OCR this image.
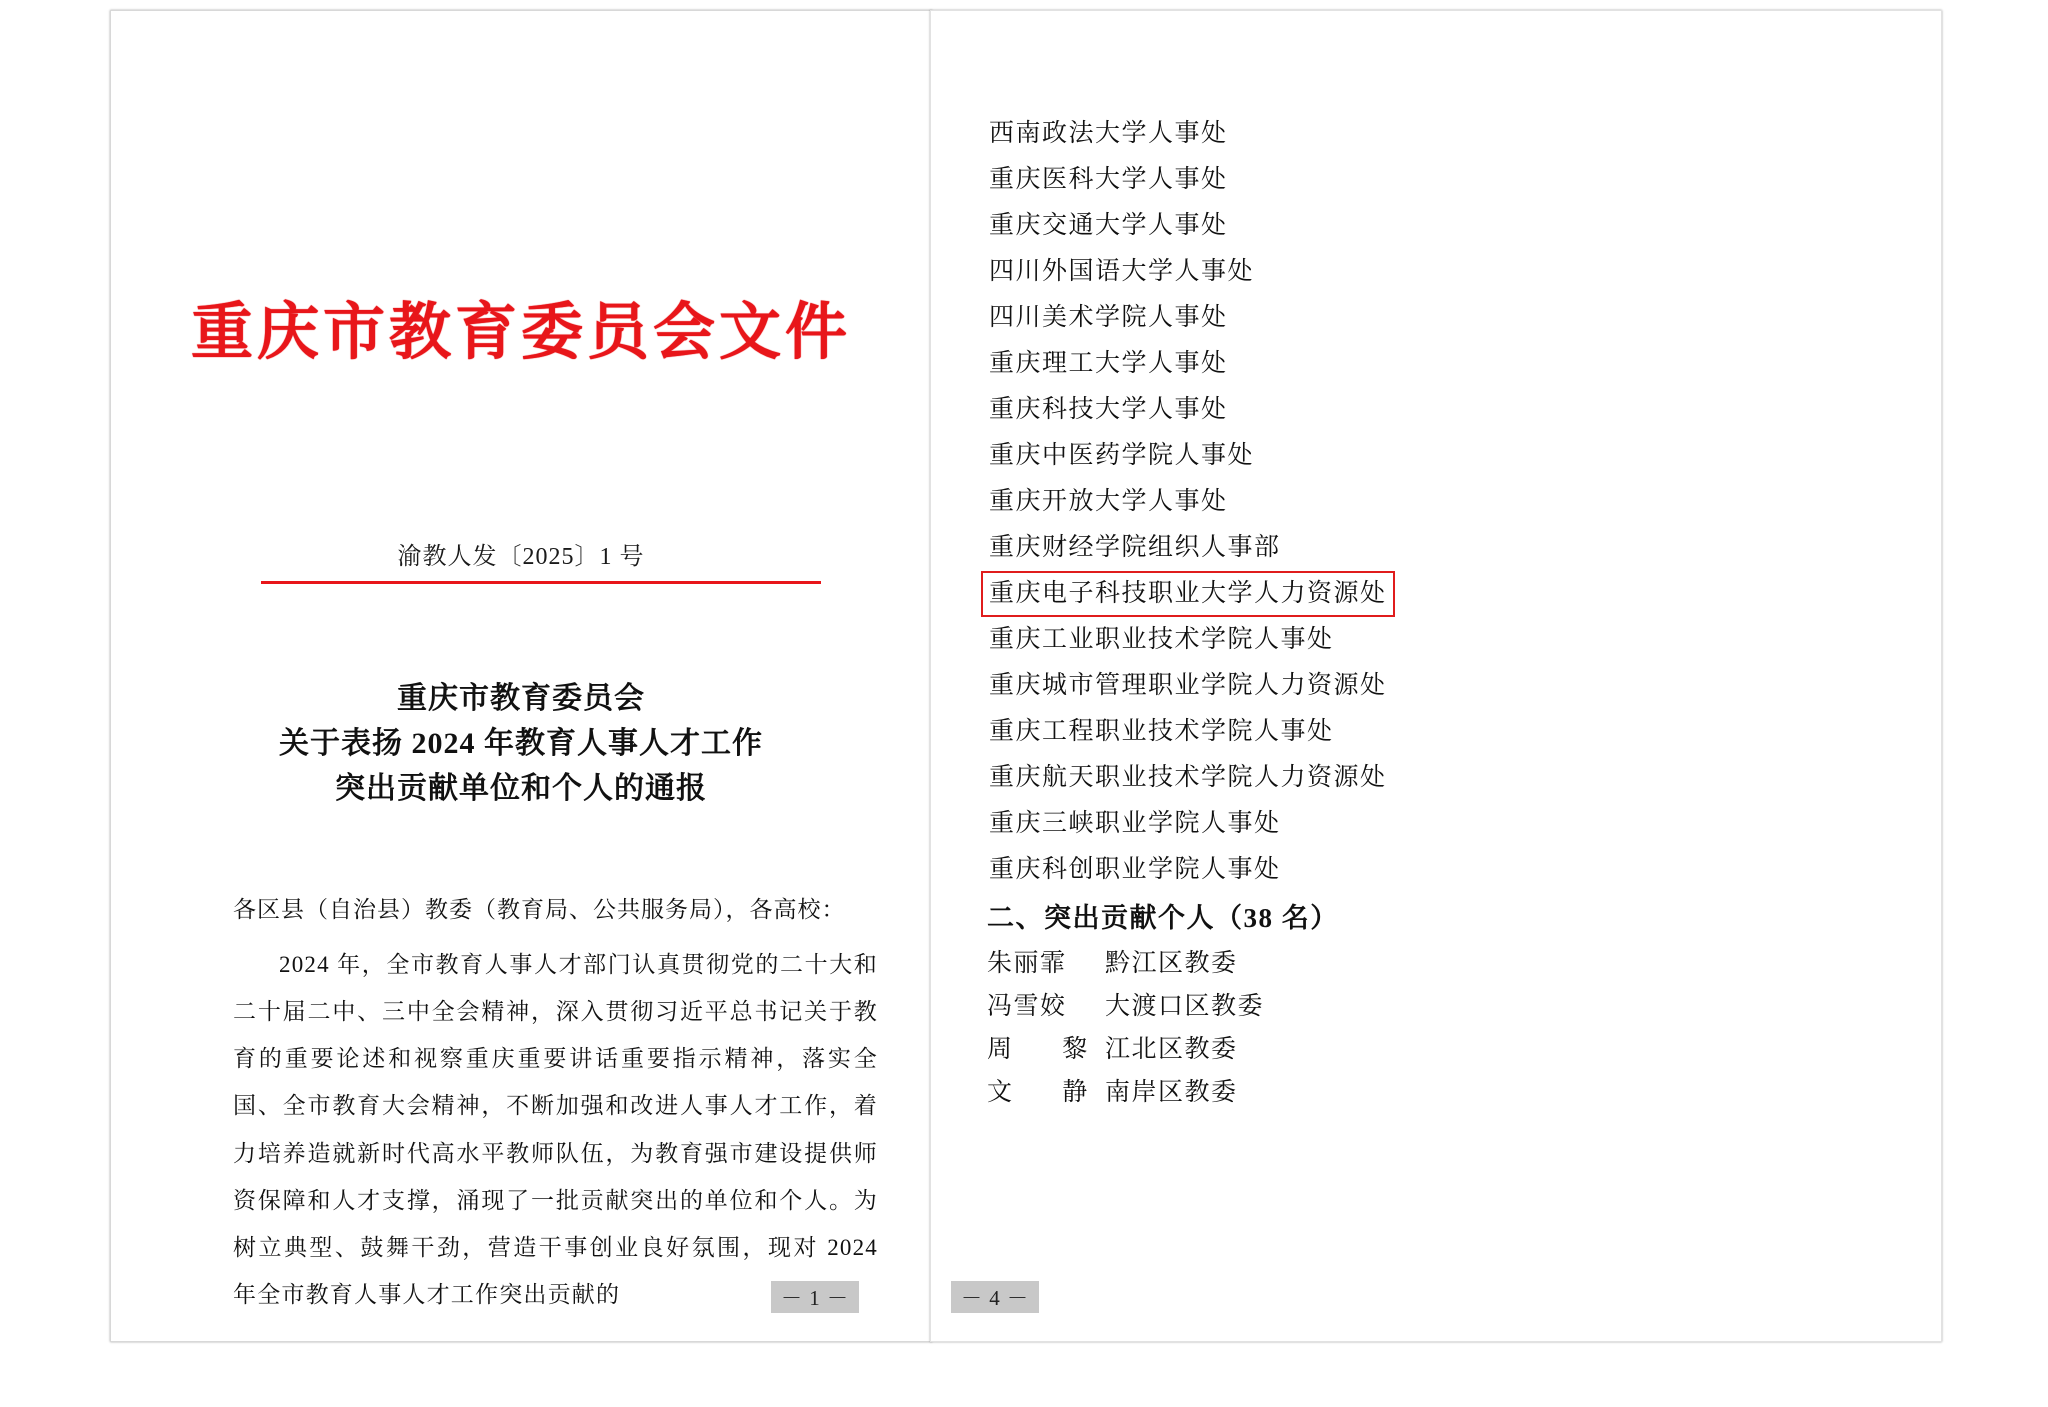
重庆市教育委员会文件
渝教人发〔2025〕1 号
重庆市教育委员会
关于表扬 2024 年教育人事人才工作
突出贡献单位和个人的通报
各区县（自治县）教委（教育局、公共服务局），各高校：
2024 年，全市教育人事人才部门认真贯彻党的二十大和二十届二中、三中全会精神，深入贯彻习近平总书记关于教育的重要论述和视察重庆重要讲话重要指示精神，落实全国、全市教育大会精神，不断加强和改进人事人才工作，着力培养造就新时代高水平教师队伍，为教育强市建设提供师资保障和人才支撑，涌现了一批贡献突出的单位和个人。为树立典型、鼓舞干劲，营造干事创业良好氛围，现对 2024 年全市教育人事人才工作突出贡献的	－ 1 －
西南政法大学人事处
重庆医科大学人事处
重庆交通大学人事处
四川外国语大学人事处
四川美术学院人事处
重庆理工大学人事处
重庆科技大学人事处
重庆中医药学院人事处
重庆开放大学人事处
重庆财经学院组织人事部
重庆电子科技职业大学人力资源处
重庆工业职业技术学院人事处
重庆城市管理职业学院人力资源处
重庆工程职业技术学院人事处
重庆航天职业技术学院人力资源处
重庆三峡职业学院人事处
重庆科创职业学院人事处
二、突出贡献个人（38 名）
朱丽霏 黔江区教委
冯雪姣 大渡口区教委
周 黎江北区教委
文 静南岸区教委
－ 4 －
